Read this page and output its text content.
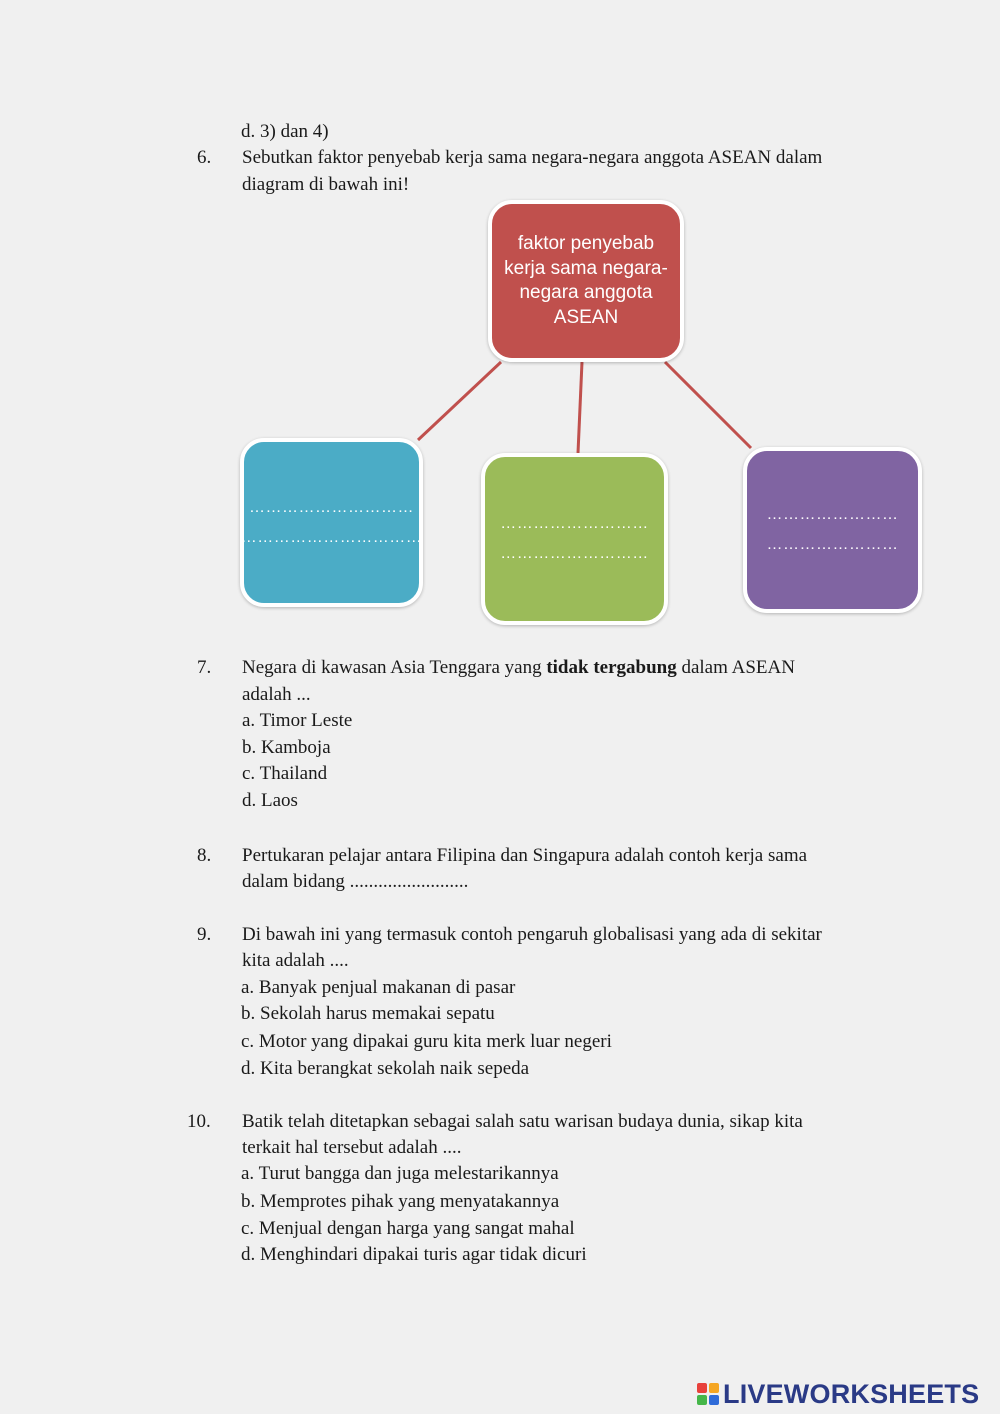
d. 3) dan 4)
6. Sebutkan faktor penyebab kerja sama negara-negara anggota ASEAN dalam
diagram di bawah ini!
faktor penyebab
kerja sama negara-
negara anggota
ASEAN
…………………………
……………………………
………………………
………………………
……………………
……………………
7. Negara di kawasan Asia Tenggara yang tidak tergabung dalam ASEAN
adalah ...
a. Timor Leste
b. Kamboja
c. Thailand
d. Laos
8. Pertukaran pelajar antara Filipina dan Singapura adalah contoh kerja sama
dalam bidang .........................
9. Di bawah ini yang termasuk contoh pengaruh globalisasi yang ada di sekitar
kita adalah ....
a. Banyak penjual makanan di pasar
b. Sekolah harus memakai sepatu
c. Motor yang dipakai guru kita merk luar negeri
d. Kita berangkat sekolah naik sepeda
10. Batik telah ditetapkan sebagai salah satu warisan budaya dunia, sikap kita
terkait hal tersebut adalah ....
a. Turut bangga dan juga melestarikannya
b. Memprotes pihak yang menyatakannya
c. Menjual dengan harga yang sangat mahal
d. Menghindari dipakai turis agar tidak dicuri
LIVEWORKSHEETS
